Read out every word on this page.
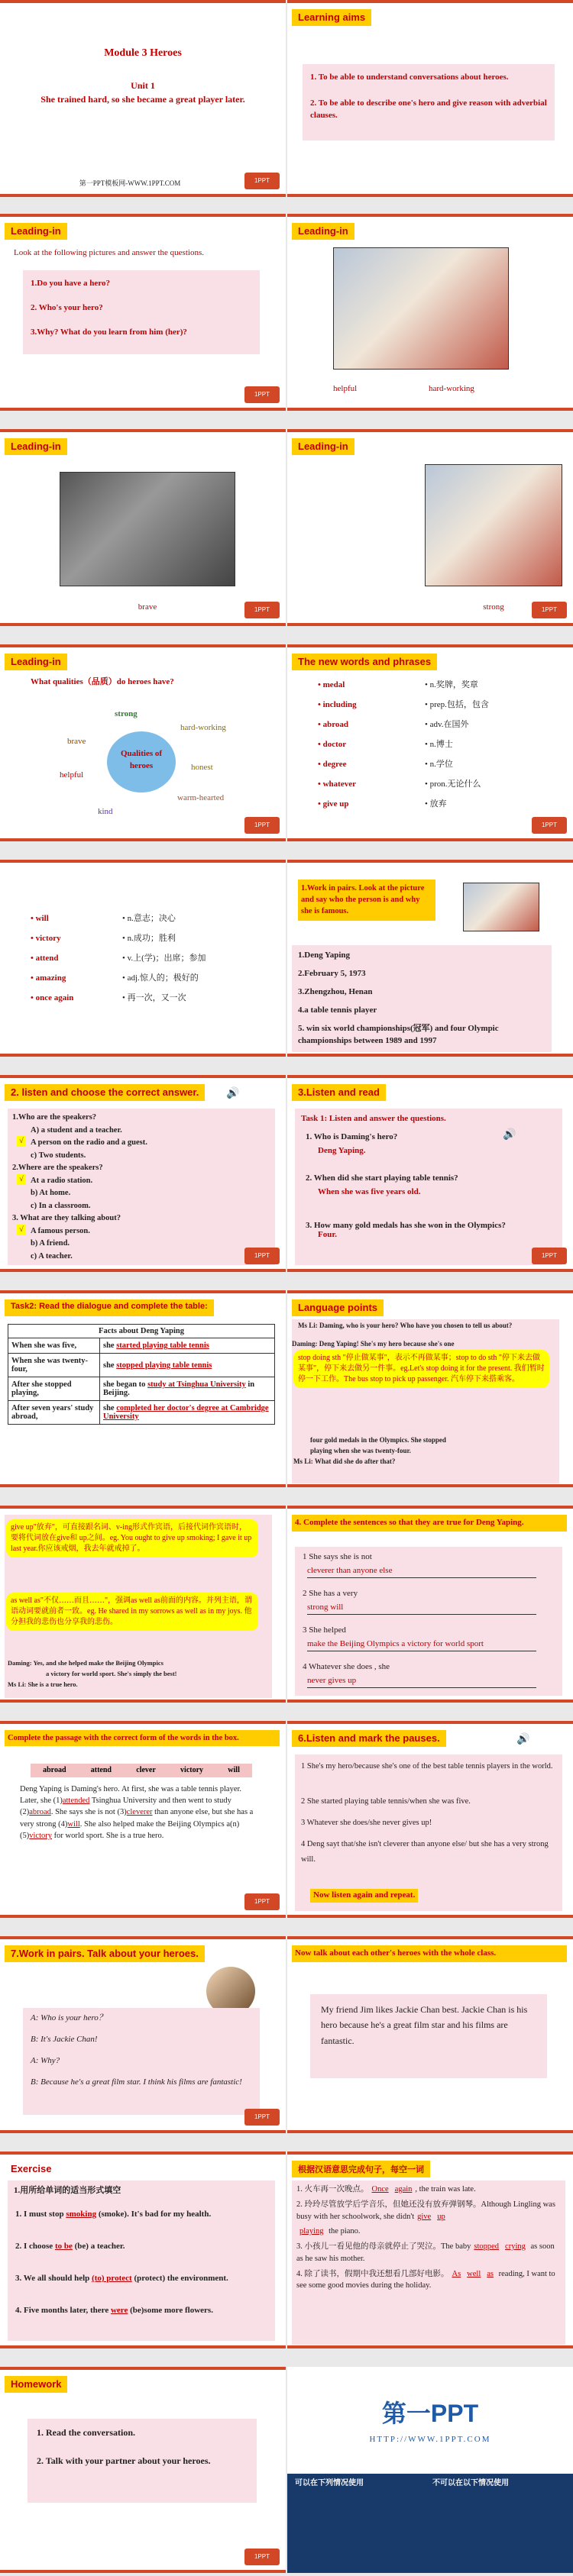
Module 3 Heroes
Unit 1
She trained hard, so she became a great player later.
第一PPT模板网-WWW.1PPT.COM	1PPT
Learning aims
1. To be able to understand conversations about heroes.
2. To be able to describe one's hero and give reason with adverbial clauses.
Leading-in
Look at the following pictures and answer the questions.
1.Do you have a hero?
2. Who's your hero?
3.Why? What do you learn from him (her)?
1PPT
Leading-in
helpful	hard-working
Leading-in
brave	1PPT
Leading-in
strong	1PPT
Leading-in
What qualities（品质）do heroes have?
Qualities of heroes
strong
hard-working
brave
honest
helpful
warm-hearted
kind
1PPT
The new words and phrases
• medal	• n.奖牌，奖章
• including	• prep.包括，包含
• abroad	• adv.在国外
• doctor	• n.博士
• degree	• n.学位
• whatever	• pron.无论什么
• give up	• 放弃
1PPT
• will	• n.意志；决心
• victory	• n.成功；胜利
• attend	• v.上(学)；出席；参加
• amazing	• adj.惊人的；极好的
• once again	• 再一次，又一次
1.Work in pairs. Look at the picture and say who the person is and why she is famous.
1.Deng Yaping
2.February 5, 1973
3.Zhengzhou, Henan
4.a table tennis player
5. win six world championships(冠军) and four Olympic championships between 1989 and 1997
2. listen and choose the correct answer.
1.Who are the speakers?
A) a student and a teacher.
A person on the radio and a guest.
√
c) Two students.
2.Where are the speakers?
At a radio station.
√
b) At home.
c) In a classroom.
3. What are they talking about?
A famous person.
√
b) A friend.
c) A teacher.
🔊
1PPT
3.Listen and read
Task 1: Listen and answer the questions.
1. Who is Daming's hero?
Deng Yaping.
2. When did she start playing table tennis?
When she was five years old.
3. How many gold medals has she won in the Olympics?
Four.
🔊
1PPT
Task2: Read the dialogue and complete the table:
Facts about Deng Yaping	
When she was five,	she started playing table tennis
When she was twenty-four,	she stopped playing table tennis
After she stopped playing,	she began to study at Tsinghua University in Beijing.
After seven years' study abroad,	she completed her doctor's degree at Cambridge University
Language points
Ms Li: Daming, who is your hero? Who have you chosen to tell us about?
Daming: Deng Yaping! She's my hero because she's one
stop doing sth "停止做某事"，表示不再做某事；stop to do sth "停下来去做某事"，停下来去做另一件事。eg.Let's stop doing it for the present. 我们暂时停一下工作。The bus stop to pick up passenger. 汽车停下来搭乘客。
four gold medals in the Olympics. She stopped
playing when she was twenty-four.
Ms Li: What did she do after that?
give up"放弃"，可直接跟名词、v-ing形式作宾语，后接代词作宾语时，要将代词放在give和 up之间。eg. You ought to give up smoking; I gave it up last year.你应该戒烟，我去年就戒掉了。
as well as"不仅……而且……"，强调as well as前面的内容。并列主语，谓语动词要就前者一致。eg. He shared in my sorrows as well as in my joys. 他分担我的悲伤也分享我的悲伤。
Daming: Yes, and she helped make the Beijing Olympics
a victory for world sport. She's simply the best!
Ms Li: She is a true hero.
4. Complete the sentences so that they are true for Deng Yaping.
1 She says she is not
cleverer than anyone else
2 She has a very
strong will
3 She helped
make the Beijing Olympics a victory for world sport
4 Whatever she does , she
never gives up
Complete the passage with the correct form of the words in the box.
abroad	attend	clever	victory	will
Deng Yaping is Daming's hero. At first, she was a table tennis player. Later, she (1)attended Tsinghua University and then went to study (2)abroad. She says she is not (3)cleverer than anyone else, but she has a very strong (4)will. She also helped make the Beijing Olympics a(n) (5)victory for world sport. She is a true hero.
1PPT
6.Listen and mark the pauses.	🔊
1 She's my hero/because she's one of the best table tennis players in the world.
2 She started playing table tennis/when she was five.
3 Whatever she does/she never gives up!
4 Deng sayt that/she isn't cleverer than anyone else/ but she has a very strong will.
Now listen again and repeat.
7.Work in pairs. Talk about your heroes.
A: Who is your hero？
B: It's Jackie Chan!
A: Why?
B: Because he's a great film star. I think his films are fantastic!
1PPT
Now talk about each other's heroes with the whole class.
My friend Jim likes Jackie Chan best. Jackie Chan is his hero because he's a great film star and his films are fantastic.
Exercise
1.用所给单词的适当形式填空
1. I must stop smoking (smoke). It's bad for my health.
2. I choose to be (be) a teacher.
3. We all should help (to) protect (protect) the environment.
4. Five months later, there were (be)some more flowers.
根据汉语意思完成句子，每空一词
1. 火车再一次晚点。 Once again , the train was late.
2. 玲玲尽管放学后学音乐，但她还没有放弃弹钢琴。Although Lingling was busy with her schoolwork, she didn't give up
playing the piano.
3. 小孩儿一看见他的母亲就停止了哭泣。The baby stopped crying as soon as he saw his mother.
4. 除了读书，假期中我还想看几部好电影。 As well as reading, I want to see some good movies during the holiday.
Homework
1. Read the conversation.
2. Talk with your partner about your heroes.
1PPT
第一PPT
HTTP://WWW.1PPT.COM
可以在下列情况使用	不可以在以下情况使用
